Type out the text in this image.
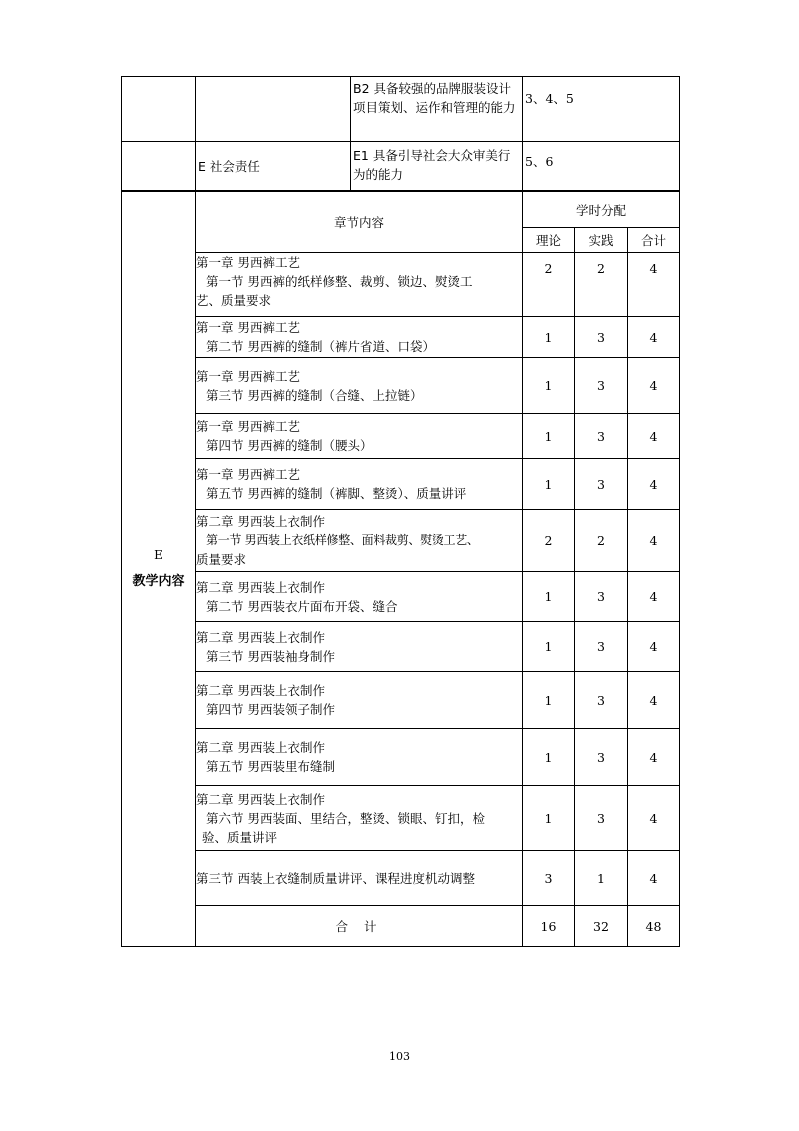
		B2 具备较强的品牌服装设计项目策划、运作和管理的能力	3、4、5
	E 社会责任	E1 具备引导社会大众审美行为的能力	5、6
E
教学内容	章节内容	学时分配		
		理论	实践	合计

	第一章 男西裤工艺
第一节 男西裤的纸样修整、裁剪、锁边、熨烫工
艺、质量要求	2	2	4

	第一章 男西裤工艺
第二节 男西裤的缝制（裤片省道、口袋）	1	3	4

	第一章 男西裤工艺
第三节 男西裤的缝制（合缝、上拉链）	1	3	4

	第一章 男西裤工艺
第四节 男西裤的缝制（腰头）	1	3	4

	第一章 男西裤工艺
第五节 男西裤的缝制（裤脚、整烫）、质量讲评	1	3	4

	第二章 男西装上衣制作
第一节 男西装上衣纸样修整、面料裁剪、熨烫工艺、
质量要求	2	2	4

	第二章 男西装上衣制作
第二节 男西装衣片面布开袋、缝合	1	3	4

	第二章 男西装上衣制作
第三节 男西装袖身制作	1	3	4

	第二章 男西装上衣制作
第四节 男西装领子制作	1	3	4

	第二章 男西装上衣制作
第五节 男西装里布缝制	1	3	4

	第二章 男西装上衣制作
第六节 男西装面、里结合，整烫、锁眼、钉扣，检
验、质量讲评	1	3	4

	第三节 西装上衣缝制质量讲评、课程进度机动调整	3	1	4
	合 计	16	32	48
103
